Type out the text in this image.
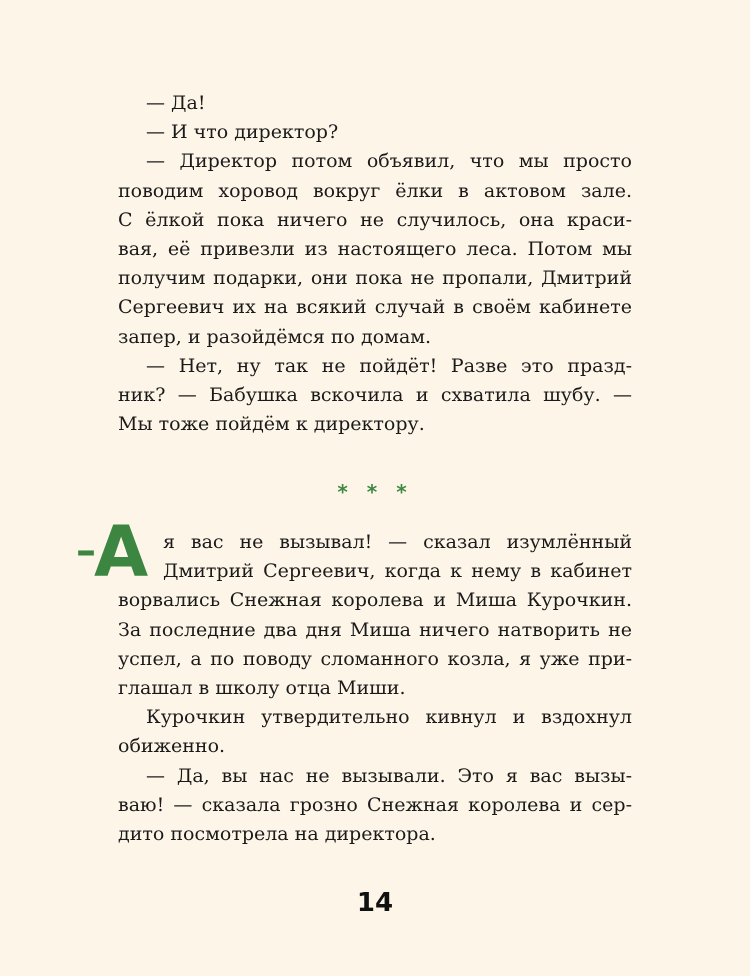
— Да!
— И что директор?
— Директор потом объявил, что мы просто
поводим хоровод вокруг ёлки в актовом зале.
С ёлкой пока ничего не случилось, она краси-
вая, её привезли из настоящего леса. Потом мы
получим подарки, они пока не пропали, Дмитрий
Сергеевич их на всякий случай в своём кабинете
запер, и разойдёмся по домам.
— Нет, ну так не пойдёт! Разве это празд-
ник? — Бабушка вскочила и схватила шубу. —
Мы тоже пойдём к директору.
* * *
–А я вас не вызывал! — сказал изумлённый
Дмитрий Сергеевич, когда к нему в кабинет
ворвались Снежная королева и Миша Курочкин.
За последние два дня Миша ничего натворить не
успел, а по поводу сломанного козла, я уже при-
глашал в школу отца Миши.
Курочкин утвердительно кивнул и вздохнул
обиженно.
— Да, вы нас не вызывали. Это я вас вызы-
ваю! — сказала грозно Снежная королева и сер-
дито посмотрела на директора.
14
